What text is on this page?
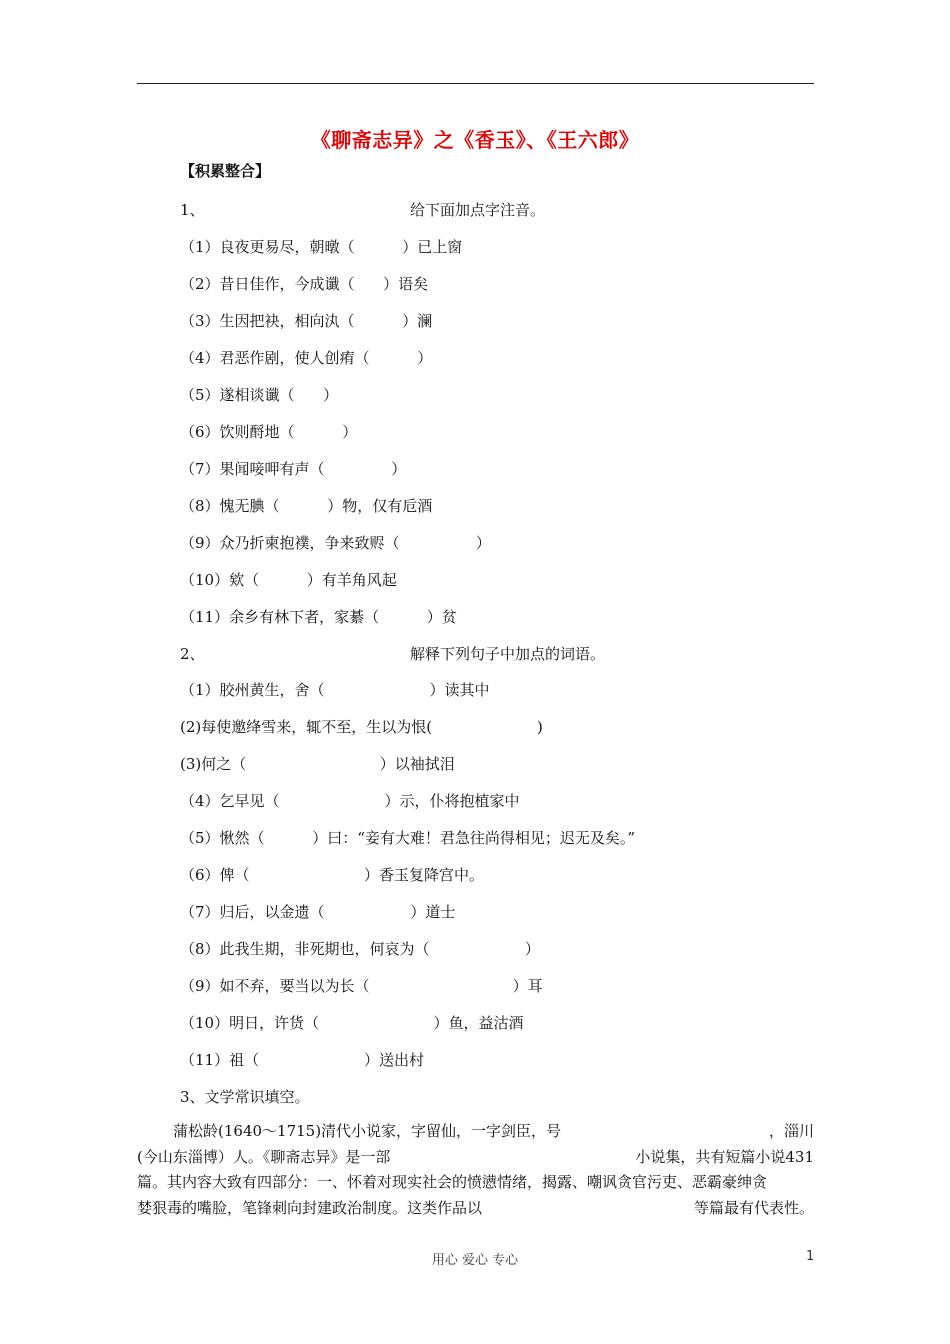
《聊斋志异》之《香玉》、《王六郎》
【积累整合】
1、	给下面加点字注音。
（1）良夜更易尽，朝暾（          ）已上窗
（2）昔日佳作，今成谶（      ）语矣
（3）生因把袂，相向汍（          ）澜
（4）君恶作剧，使人创痏（          ）
（5）遂相谈谶（      ）
（6）饮则酹地（          ）
（7）果闻唼呷有声（              ）
（8）愧无腆（          ）物，仅有卮酒
（9）众乃折柬抱襆，争来致赆（                ）
（10）欸（          ）有羊角风起
（11）余乡有林下者，家綦（          ）贫
2、	解释下列句子中加点的词语。
（1）胶州黄生，舍（                      ）读其中
(2)每使邀绛雪来，辄不至，生以为恨(                      )
(3)何之（                            ）以袖拭泪
（4）乞早见（                      ）示，仆将抱植家中
（5）愀然（          ）曰：“妾有大难！君急往尚得相见；迟无及矣。”
（6）俾（                        ）香玉复降宫中。
（7）归后，以金遗（                  ）道士
（8）此我生期，非死期也，何哀为（                    ）
（9）如不弃，要当以为长（                              ）耳
（10）明日，许货（                        ）鱼，益沽酒
（11）祖（                      ）送出村
3、文学常识填空。
蒲松龄(1640～1715)清代小说家，字留仙，一字剑臣，号	，淄川
(今山东淄博）人。《聊斋志异》是一部	小说集，共有短篇小说431
篇。其内容大致有四部分：一、怀着对现实社会的愤懑情绪，揭露、嘲讽贪官污吏、恶霸豪绅贪
婪狠毒的嘴脸，笔锋刺向封建政治制度。这类作品以	等篇最有代表性。
用心 爱心 专心	1
